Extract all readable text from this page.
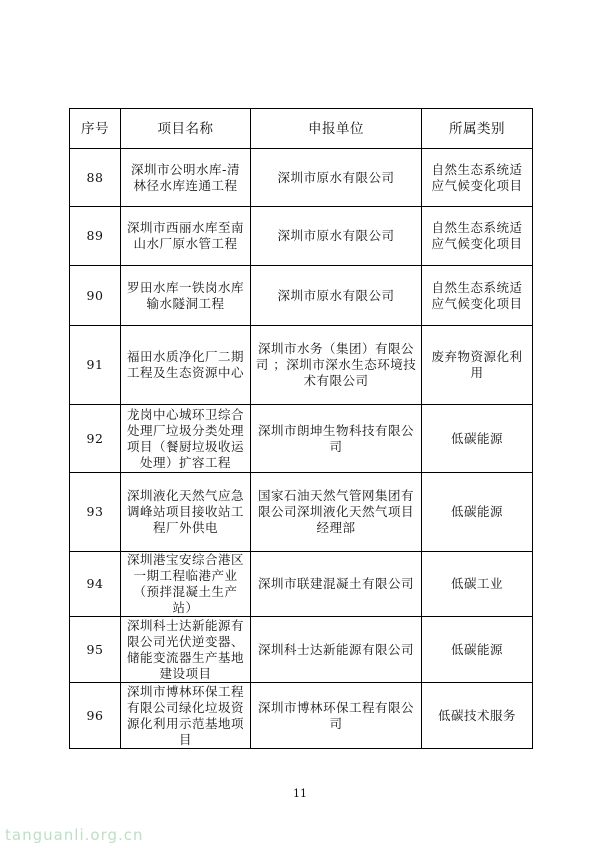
序号	项目名称	申报单位	所属类别
88	深圳市公明水库-清林径水库连通工程	深圳市原水有限公司	自然生态系统适应气候变化项目
89	深圳市西丽水库至南山水厂原水管工程	深圳市原水有限公司	自然生态系统适应气候变化项目
90	罗田水库一铁岗水库输水隧洞工程	深圳市原水有限公司	自然生态系统适应气候变化项目
91	福田水质净化厂二期工程及生态资源中心	深圳市水务（集团）有限公司 ；深圳市深水生态环境技术有限公司	废弃物资源化利用
92	龙岗中心城环卫综合处理厂垃圾分类处理项目（餐厨垃圾收运处理）扩容工程	深圳市朗坤生物科技有限公司	低碳能源
93	深圳液化天然气应急调峰站项目接收站工程厂外供电	国家石油天然气管网集团有限公司深圳液化天然气项目经理部	低碳能源
94	深圳港宝安综合港区一期工程临港产业（预拌混凝土生产站）	深圳市联建混凝土有限公司	低碳工业
95	深圳科士达新能源有限公司光伏逆变器、储能变流器生产基地建设项目	深圳科士达新能源有限公司	低碳能源
96	深圳市博林环保工程有限公司绿化垃圾资源化利用示范基地项目	深圳市博林环保工程有限公司	低碳技术服务
11
tanguanli.org.cn
